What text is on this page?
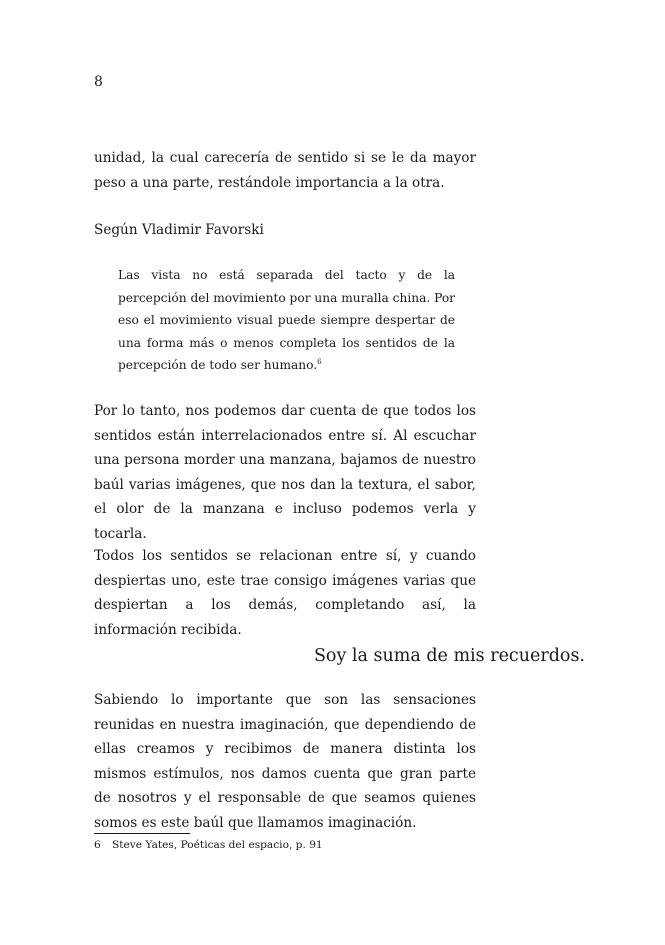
8

unidad, la cual carecería de sentido si se le da mayor peso a una parte, restándole importancia a la otra.

Según Vladimir Favorski

Las vista no está separada del tacto y de la percepción del movimiento por una muralla china. Por eso el movimiento visual puede siempre despertar de una forma más o menos completa los sentidos de la percepción de todo ser humano.$^6$

Por lo tanto, nos podemos dar cuenta de que todos los sentidos están interrelacionados entre sí. Al escuchar una persona morder una manzana, bajamos de nuestro baúl varias imágenes, que nos dan la textura, el sabor, el olor de la manzana e incluso podemos verla y tocarla.

Todos los sentidos se relacionan entre sí, y cuando despiertas uno, este trae consigo imágenes varias que despiertan a los demás, completando así, la información recibida.

Soy la suma de mis recuerdos.

Sabiendo lo importante que son las sensaciones reunidas en nuestra imaginación, que dependiendo de ellas creamos y recibimos de manera distinta los mismos estímulos, nos damos cuenta que gran parte de nosotros y el responsable de que seamos quienes somos es este baúl que llamamos imaginación.

6 Steve Yates, Poéticas del espacio, p. 91
